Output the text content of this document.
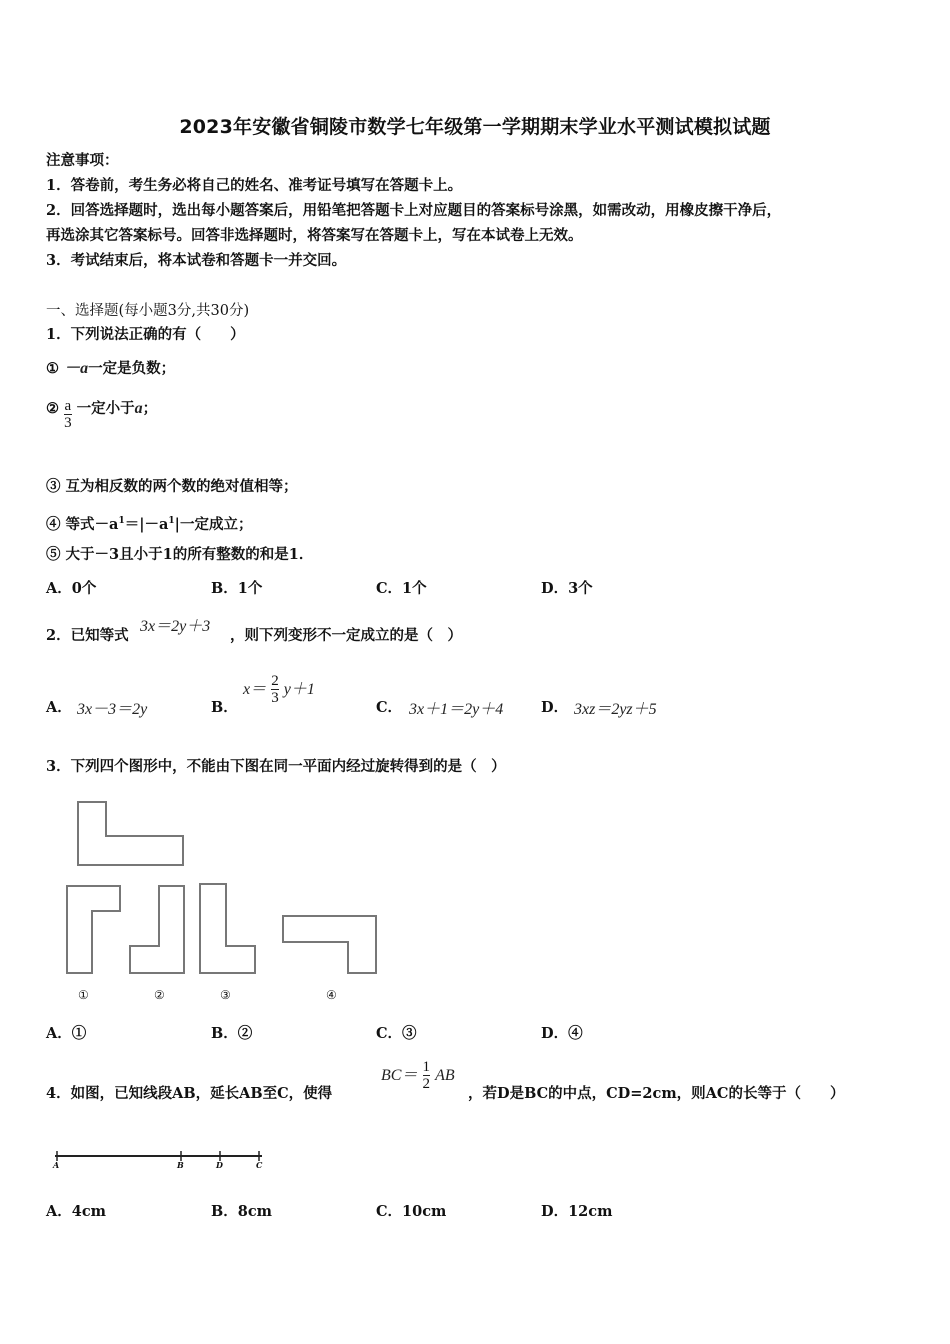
2023年安徽省铜陵市数学七年级第一学期期末学业水平测试模拟试题
注意事项：
1．答卷前，考生务必将自己的姓名、准考证号填写在答题卡上。
2．回答选择题时，选出每小题答案后，用铅笔把答题卡上对应题目的答案标号涂黑，如需改动，用橡皮擦干净后，
再选涂其它答案标号。回答非选择题时，将答案写在答题卡上，写在本试卷上无效。
3．考试结束后，将本试卷和答题卡一并交回。
一、选择题(每小题3分,共30分)
1．下列说法正确的有（　　）
① －a一定是负数；
② $\frac{a}{3}$ 一定小于a；
③ 互为相反数的两个数的绝对值相等；
④ 等式$-a^1=|-a^1|$一定成立；
⑤ 大于－3且小于1的所有整数的和是1．
A．0个	B．1个	C．1个	D．3个
2．已知等式
3x＝2y＋3
，则下列变形不一定成立的是（　）
A． 3x－3＝2y	B．
$x= \frac{2}{3} y+1$
C． 3x＋1＝2y＋4	D． 3xz＝2yz＋5
3．下列四个图形中，不能由下图在同一平面内经过旋转得到的是（　）
①	②	③	④
A．①	B．②	C．③	D．④
4．如图，已知线段AB，延长AB至C，使得
$BC= \frac{1}{2}$ AB
，若D是BC的中点，CD=2cm，则AC的长等于（　　）
A	B	D	C
A．4cm	B．8cm	C．10cm	D．12cm
